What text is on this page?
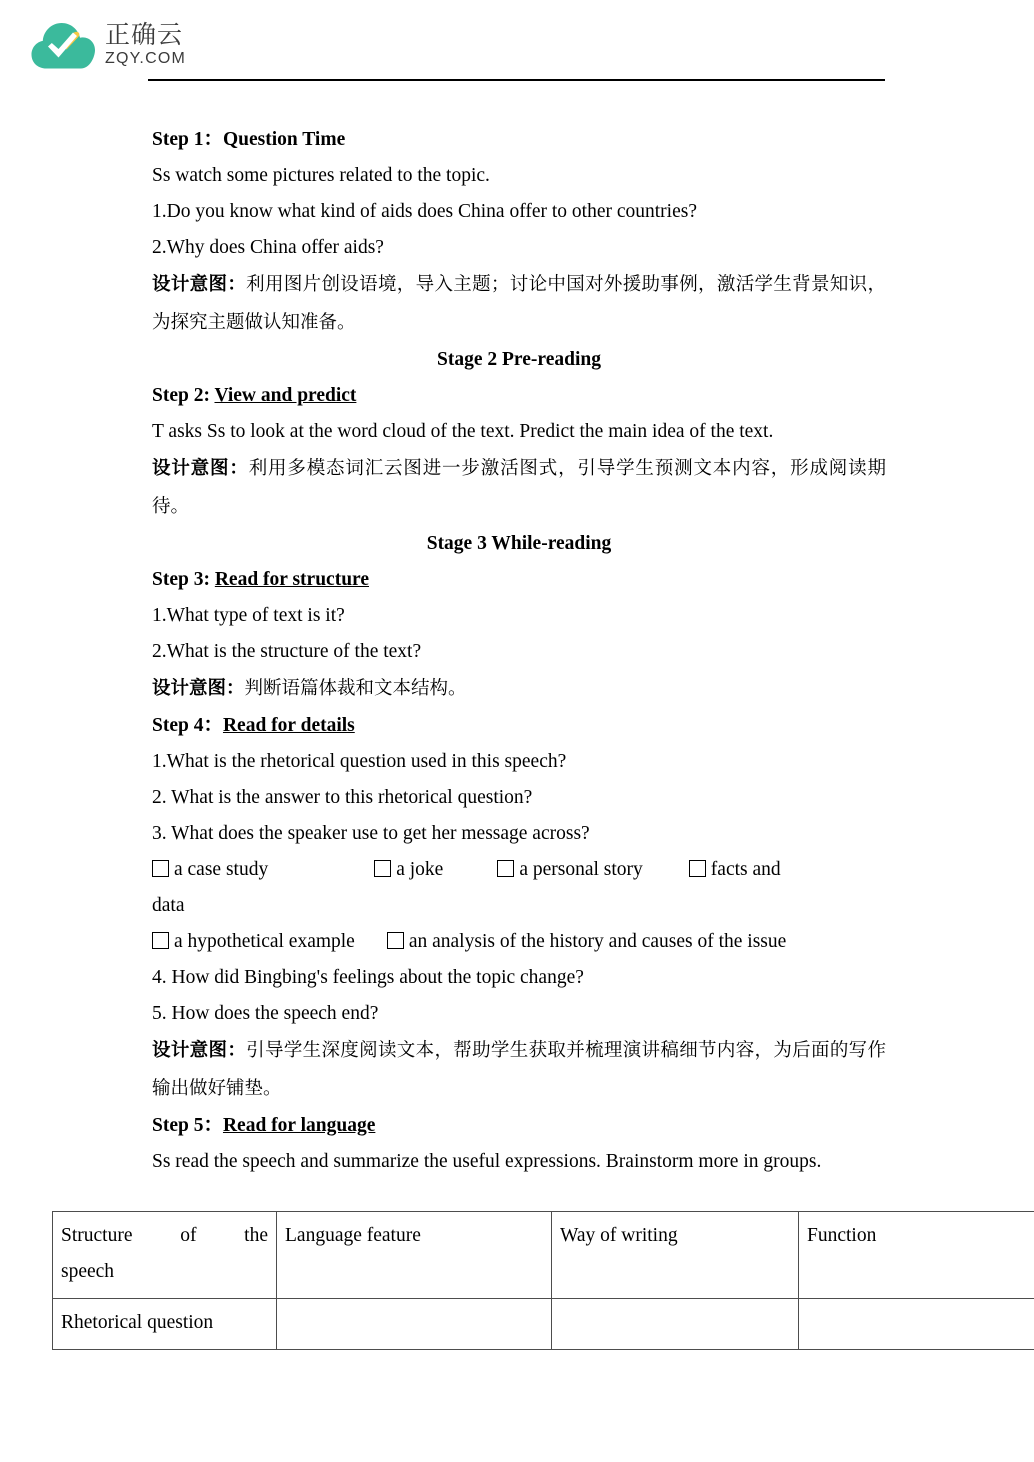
正确云
ZQY.COM
Step 1：Question Time
Ss watch some pictures related to the topic.
1.Do you know what kind of aids does China offer to other countries?
2.Why does China offer aids?
设计意图：利用图片创设语境，导入主题；讨论中国对外援助事例，激活学生背景知识，为探究主题做认知准备。
Stage 2 Pre-reading
Step 2: View and predict
T asks Ss to look at the word cloud of the text. Predict the main idea of the text.
设计意图：利用多模态词汇云图进一步激活图式，引导学生预测文本内容，形成阅读期待。
Stage 3 While-reading
Step 3: Read for structure
1.What type of text is it?
2.What is the structure of the text?
设计意图：判断语篇体裁和文本结构。
Step 4：Read for details
1.What is the rhetorical question used in this speech?
2. What is the answer to this rhetorical question?
3. What does the speaker use to get her message across?
a case study	a joke	a personal story	facts and
data
a hypothetical example	an analysis of the history and causes of the issue
4. How did Bingbing's feelings about the topic change?
5. How does the speech end?
设计意图：引导学生深度阅读文本，帮助学生获取并梳理演讲稿细节内容，为后面的写作输出做好铺垫。
Step 5：Read for language
Ss read the speech and summarize the useful expressions. Brainstorm more in groups.
Structure of the
speech	Language feature	Way of writing	Function
Rhetorical question			
